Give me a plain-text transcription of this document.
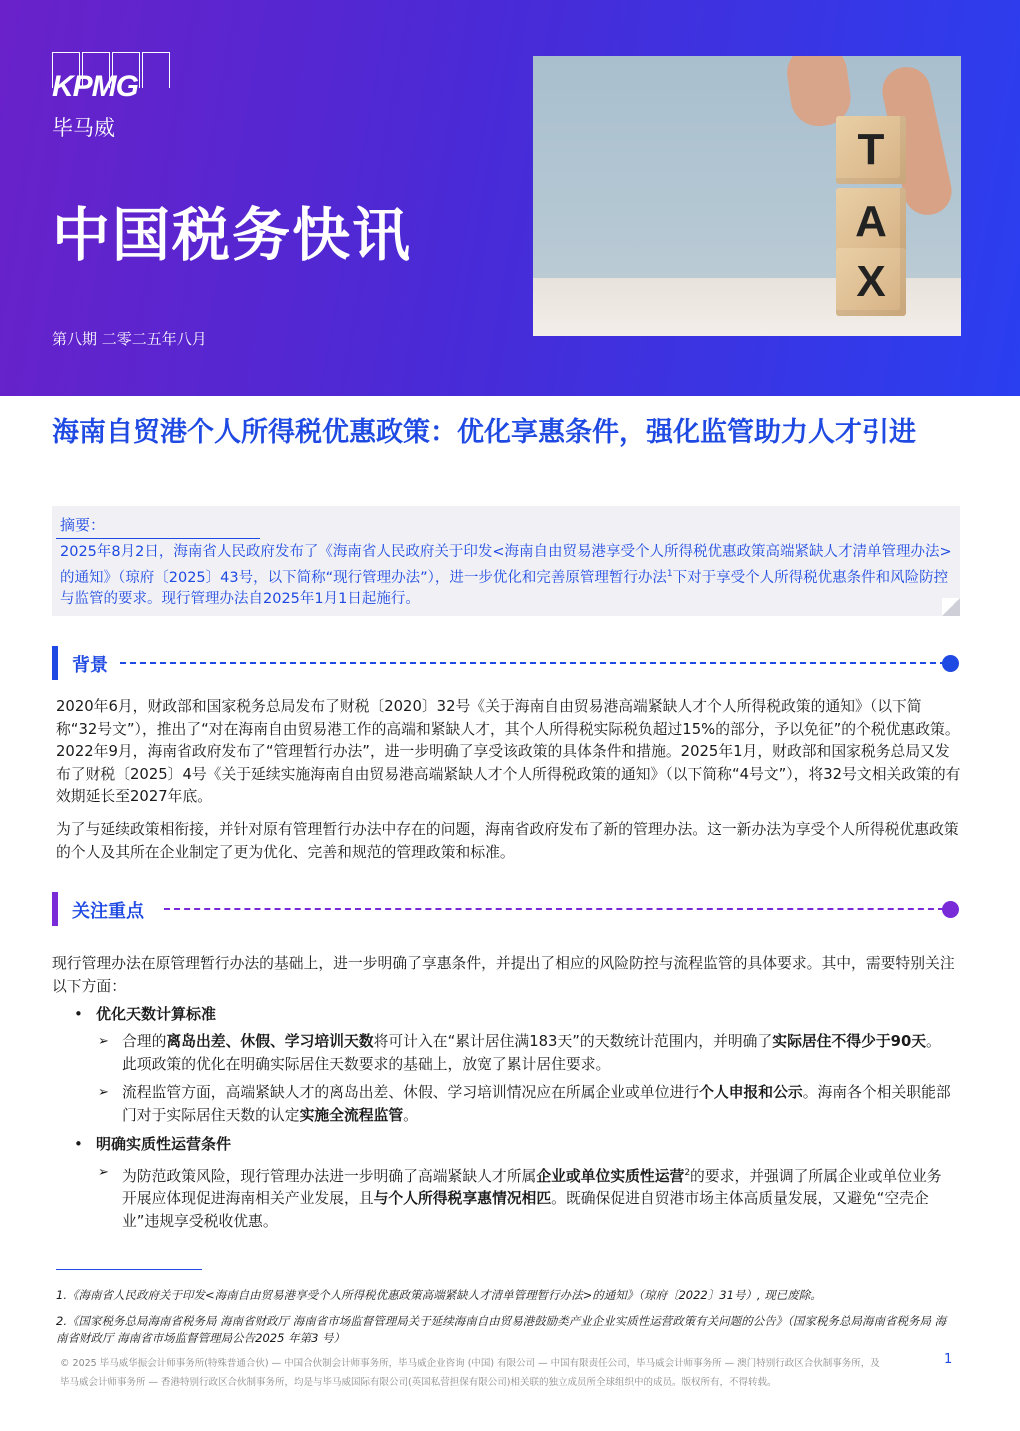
KPMG
毕马威
中国税务快讯
第八期 二零二五年八月
T
A
X
海南自贸港个人所得税优惠政策：优化享惠条件，强化监管助力人才引进
摘要：
2025年8月2日，海南省人民政府发布了《海南省人民政府关于印发<海南自由贸易港享受个人所得税优惠政策高端紧缺人才清单管理办法>的通知》（琼府〔2025〕43号，以下简称“现行管理办法”），进一步优化和完善原管理暂行办法$^1$下对于享受个人所得税优惠条件和风险防控与监管的要求。现行管理办法自2025年1月1日起施行。
背景
2020年6月，财政部和国家税务总局发布了财税〔2020〕32号《关于海南自由贸易港高端紧缺人才个人所得税政策的通知》（以下简称“32号文”），推出了“对在海南自由贸易港工作的高端和紧缺人才，其个人所得税实际税负超过15%的部分，予以免征”的个税优惠政策。2022年9月，海南省政府发布了“管理暂行办法”，进一步明确了享受该政策的具体条件和措施。2025年1月，财政部和国家税务总局又发布了财税〔2025〕4号《关于延续实施海南自由贸易港高端紧缺人才个人所得税政策的通知》（以下简称“4号文”），将32号文相关政策的有效期延长至2027年底。
为了与延续政策相衔接，并针对原有管理暂行办法中存在的问题，海南省政府发布了新的管理办法。这一新办法为享受个人所得税优惠政策的个人及其所在企业制定了更为优化、完善和规范的管理政策和标准。
关注重点
现行管理办法在原管理暂行办法的基础上，进一步明确了享惠条件，并提出了相应的风险防控与流程监管的具体要求。其中，需要特别关注以下方面：
• 优化天数计算标准
➢ 合理的离岛出差、休假、学习培训天数将可计入在“累计居住满183天”的天数统计范围内，并明确了实际居住不得少于90天。此项政策的优化在明确实际居住天数要求的基础上，放宽了累计居住要求。
➢ 流程监管方面，高端紧缺人才的离岛出差、休假、学习培训情况应在所属企业或单位进行个人申报和公示。海南各个相关职能部门对于实际居住天数的认定实施全流程监管。
• 明确实质性运营条件
➢ 为防范政策风险，现行管理办法进一步明确了高端紧缺人才所属企业或单位实质性运营$^2$的要求，并强调了所属企业或单位业务开展应体现促进海南相关产业发展，且与个人所得税享惠情况相匹。既确保促进自贸港市场主体高质量发展，又避免“空壳企业”违规享受税收优惠。
1.《海南省人民政府关于印发<海南自由贸易港享受个人所得税优惠政策高端紧缺人才清单管理暂行办法>的通知》（琼府〔2022〕31号）, 现已废除。
2.《国家税务总局海南省税务局 海南省财政厅 海南省市场监督管理局关于延续海南自由贸易港鼓励类产业企业实质性运营政策有关问题的公告》（国家税务总局海南省税务局 海南省财政厅 海南省市场监督管理局公告2025 年第3 号）
© 2025 毕马威华振会计师事务所(特殊普通合伙) — 中国合伙制会计师事务所，毕马威企业咨询 (中国) 有限公司 — 中国有限责任公司，毕马威会计师事务所 — 澳门特别行政区合伙制事务所，及
毕马威会计师事务所 — 香港特别行政区合伙制事务所，均是与毕马威国际有限公司(英国私营担保有限公司)相关联的独立成员所全球组织中的成员。版权所有，不得转载。
1
